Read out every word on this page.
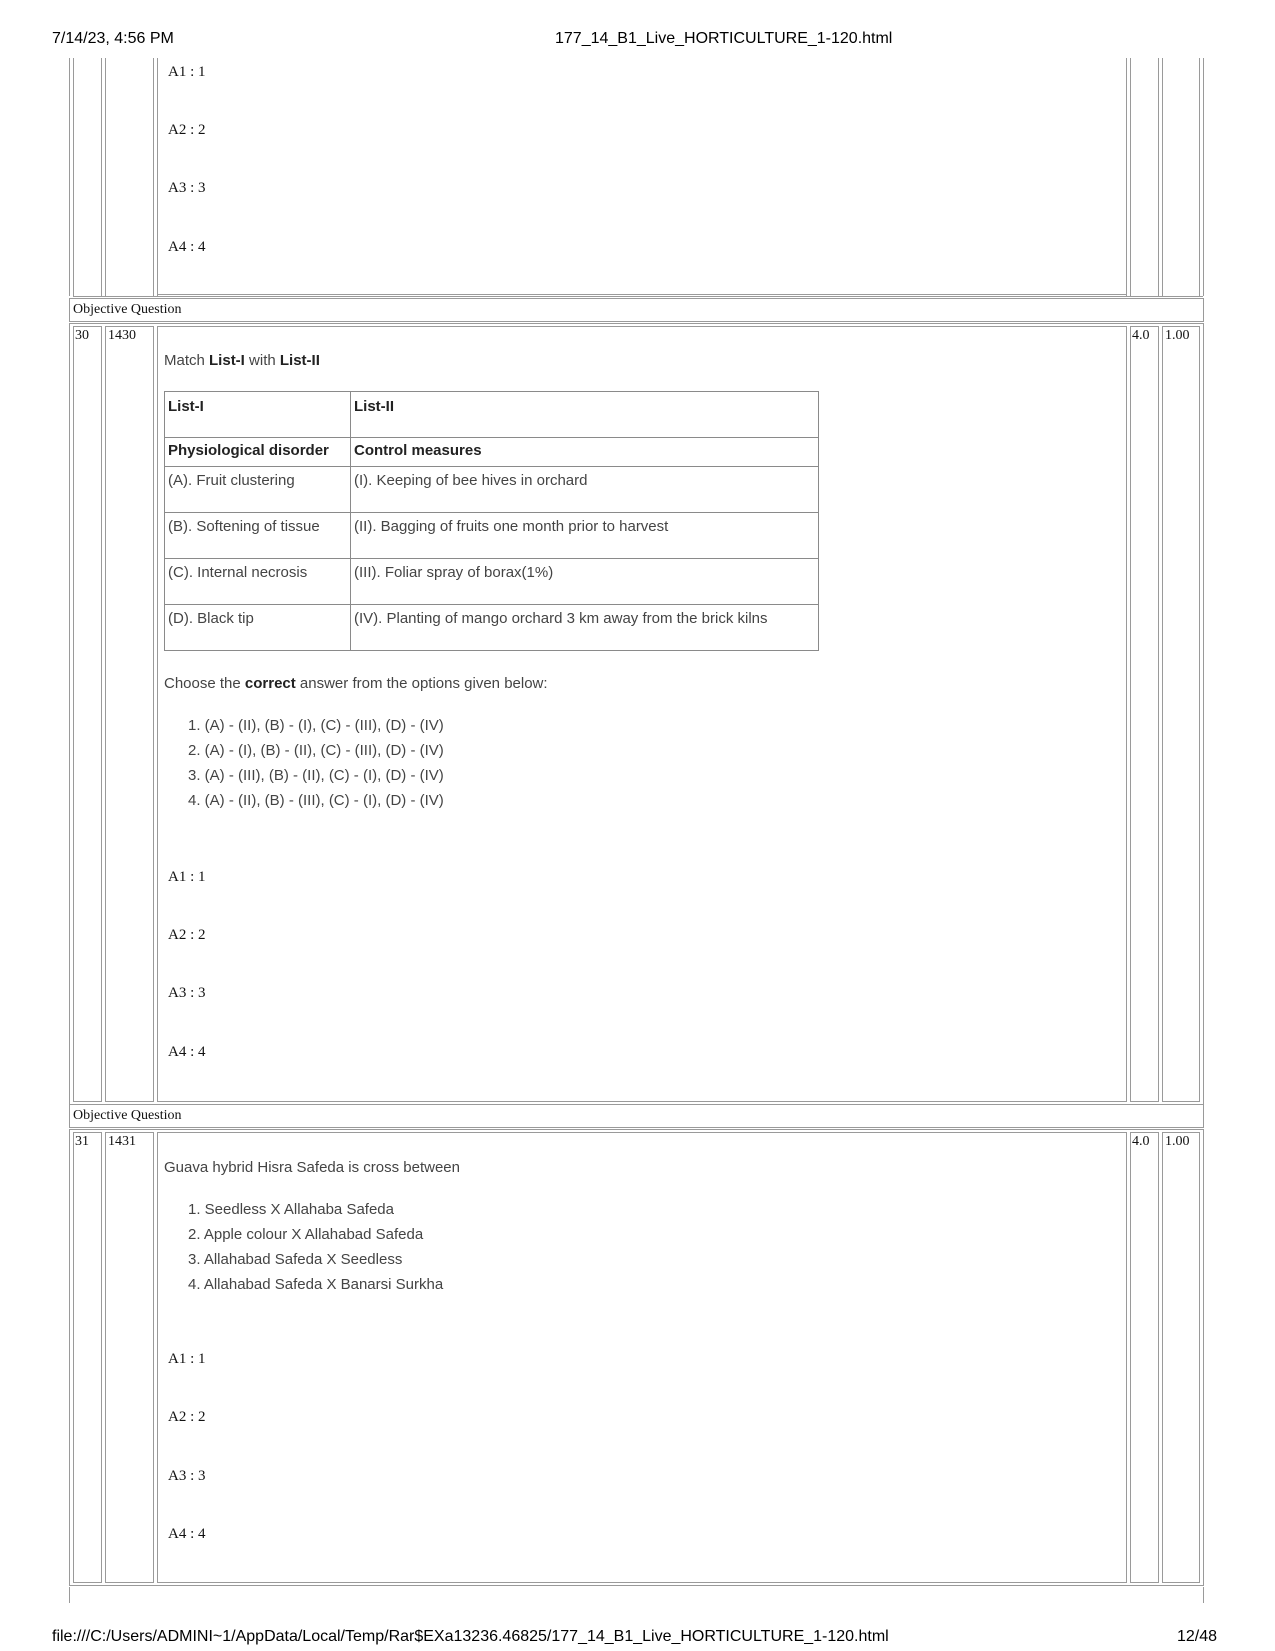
7/14/23, 4:56 PM	177_14_B1_Live_HORTICULTURE_1-120.html
A1 : 1
A2 : 2
A3 : 3
A4 : 4
Objective Question
30 1430	4.0 1.00
Match List-I with List-II
List-I	List-II
Physiological disorder	Control measures
(A). Fruit clustering	(I). Keeping of bee hives in orchard
(B). Softening of tissue	(II). Bagging of fruits one month prior to harvest
(C). Internal necrosis	(III). Foliar spray of borax(1%)
(D). Black tip	(IV). Planting of mango orchard 3 km away from the brick kilns
Choose the correct answer from the options given below:
1. (A) - (II), (B) - (I), (C) - (III), (D) - (IV)
2. (A) - (I), (B) - (II), (C) - (III), (D) - (IV)
3. (A) - (III), (B) - (II), (C) - (I), (D) - (IV)
4. (A) - (II), (B) - (III), (C) - (I), (D) - (IV)
A1 : 1
A2 : 2
A3 : 3
A4 : 4
Objective Question
31 1431	4.0 1.00
Guava hybrid Hisra Safeda is cross between
1. Seedless X Allahaba Safeda
2. Apple colour X Allahabad Safeda
3. Allahabad Safeda X Seedless
4. Allahabad Safeda X Banarsi Surkha
A1 : 1
A2 : 2
A3 : 3
A4 : 4
file:///C:/Users/ADMINI~1/AppData/Local/Temp/Rar$EXa13236.46825/177_14_B1_Live_HORTICULTURE_1-120.html	12/48
